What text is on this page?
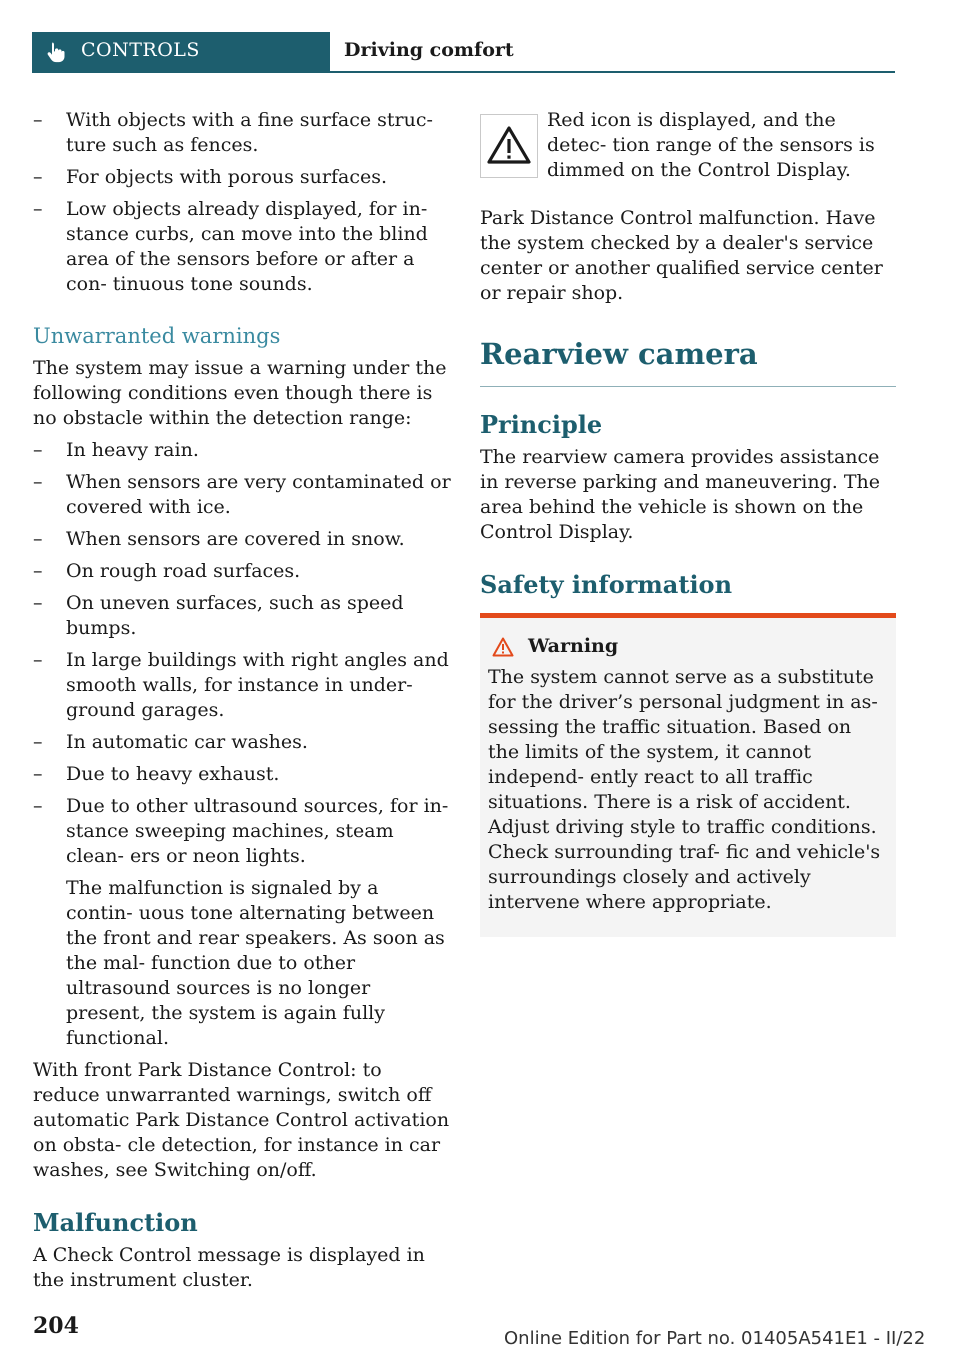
CONTROLS	Driving comfort
– With objects with a fine surface struc- ture such as fences.
– For objects with porous surfaces.
– Low objects already displayed, for in- stance curbs, can move into the blind area of the sensors before or after a con- tinuous tone sounds.
Unwarranted warnings

The system may issue a warning under the following conditions even though there is no obstacle within the detection range:

– In heavy rain.
– When sensors are very contaminated or covered with ice.
– When sensors are covered in snow.
– On rough road surfaces.
– On uneven surfaces, such as speed bumps.
– In large buildings with right angles and smooth walls, for instance in under- ground garages.
– In automatic car washes.
– Due to heavy exhaust.
– Due to other ultrasound sources, for in- stance sweeping machines, steam clean- ers or neon lights.

The malfunction is signaled by a contin- uous tone alternating between the front and rear speakers. As soon as the mal- function due to other ultrasound sources is no longer present, the system is again fully functional.

With front Park Distance Control: to reduce unwarranted warnings, switch off automatic Park Distance Control activation on obsta- cle detection, for instance in car washes, see Switching on/off.

Malfunction

A Check Control message is displayed in the instrument cluster.

Red icon is displayed, and the detec- tion range of the sensors is dimmed on the Control Display.

Park Distance Control malfunction. Have the system checked by a dealer's service center or another qualified service center or repair shop.

Rearview camera
Principle

The rearview camera provides assistance in reverse parking and maneuvering. The area behind the vehicle is shown on the Control Display.

Safety information
Warning

The system cannot serve as a substitute for the driver’s personal judgment in as- sessing the traffic situation. Based on the limits of the system, it cannot independ- ently react to all traffic situations. There is a risk of accident. Adjust driving style to traffic conditions. Check surrounding traf- fic and vehicle's surroundings closely and actively intervene where appropriate.

204	Online Edition for Part no. 01405A541E1 - II/22
